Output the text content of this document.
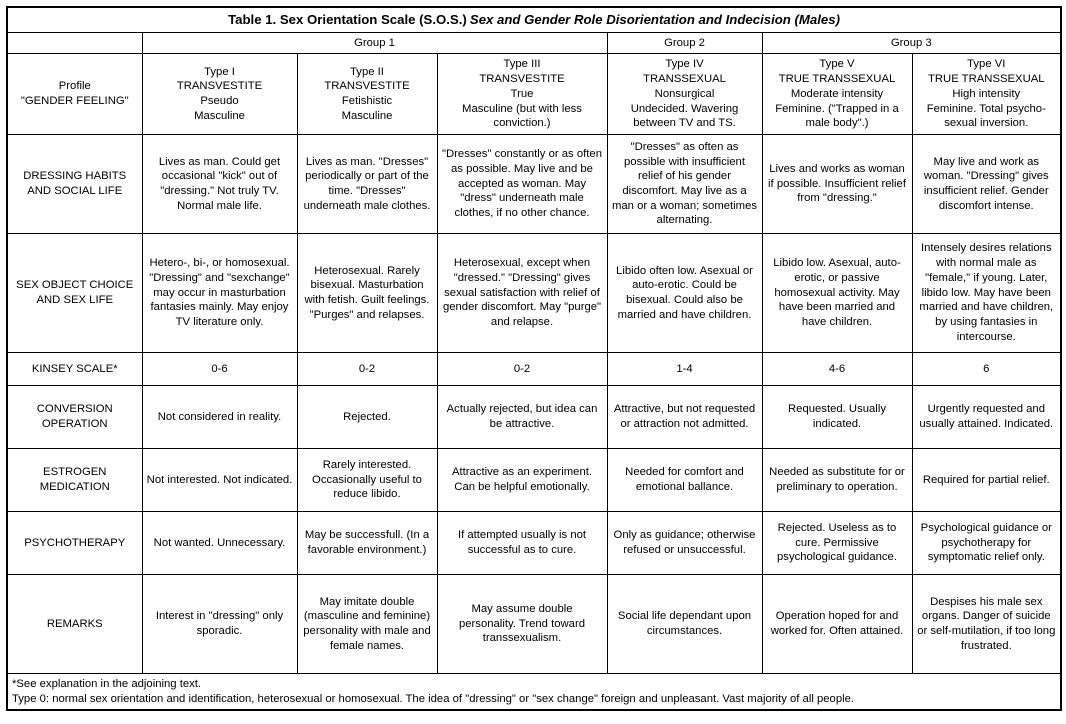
Table 1. Sex Orientation Scale (S.O.S.) Sex and Gender Role Disorientation and Indecision (Males)						
	Group 1			Group 2	Group 3	

Profile
"GENDER FEELING"	Type I
TRANSVESTITE
Pseudo
Masculine	Type II
TRANSVESTITE
Fetishistic
Masculine	Type III
TRANSVESTITE
True
Masculine (but with less conviction.)	Type IV
TRANSSEXUAL
Nonsurgical
Undecided. Wavering between TV and TS.	Type V
TRUE TRANSSEXUAL
Moderate intensity
Feminine. ("Trapped in a male body".)	Type VI
TRUE TRANSSEXUAL
High intensity
Feminine. Total psycho-sexual inversion.

DRESSING HABITS AND SOCIAL LIFE	Lives as man. Could get occasional "kick" out of "dressing." Not truly TV. Normal male life.	Lives as man. "Dresses" periodically or part of the time. "Dresses" underneath male clothes.	"Dresses" constantly or as often as possible. May live and be accepted as woman. May "dress" underneath male clothes, if no other chance.	"Dresses" as often as possible with insufficient relief of his gender discomfort. May live as a man or a woman; sometimes alternating.	Lives and works as woman if possible. Insufficient relief from "dressing."	May live and work as woman. "Dressing" gives insufficient relief. Gender discomfort intense.
SEX OBJECT CHOICE AND SEX LIFE	Hetero-, bi-, or homosexual. "Dressing" and "sexchange" may occur in masturbation fantasies mainly. May enjoy TV literature only.	Heterosexual. Rarely bisexual. Masturbation with fetish. Guilt feelings. "Purges" and relapses.	Heterosexual, except when "dressed." "Dressing" gives sexual satisfaction with relief of gender discomfort. May "purge" and relapse.	Libido often low. Asexual or auto-erotic. Could be bisexual. Could also be married and have children.	Libido low. Asexual, auto-erotic, or passive homosexual activity. May have been married and have children.	Intensely desires relations with normal male as "female," if young. Later, libido low. May have been married and have children, by using fantasies in intercourse.
KINSEY SCALE*	0-6	0-2	0-2	1-4	4-6	6
CONVERSION OPERATION	Not considered in reality.	Rejected.	Actually rejected, but idea can be attractive.	Attractive, but not requested or attraction not admitted.	Requested. Usually indicated.	Urgently requested and usually attained. Indicated.
ESTROGEN MEDICATION	Not interested. Not indicated.	Rarely interested. Occasionally useful to reduce libido.	Attractive as an experiment. Can be helpful emotionally.	Needed for comfort and emotional ballance.	Needed as substitute for or preliminary to operation.	Required for partial relief.
PSYCHOTHERAPY	Not wanted. Unnecessary.	May be successfull. (In a favorable environment.)	If attempted usually is not successful as to cure.	Only as guidance; otherwise refused or unsuccessful.	Rejected. Useless as to cure. Permissive psychological guidance.	Psychological guidance or psychotherapy for symptomatic relief only.
REMARKS	Interest in "dressing" only sporadic.	May imitate double (masculine and feminine) personality with male and female names.	May assume double personality. Trend toward transsexualism.	Social life dependant upon circumstances.	Operation hoped for and worked for. Often attained.	Despises his male sex organs. Danger of suicide or self-mutilation, if too long frustrated.

*See explanation in the adjoining text.
Type 0: normal sex orientation and identification, heterosexual or homosexual. The idea of "dressing" or "sex change" foreign and unpleasant. Vast majority of all people.						
